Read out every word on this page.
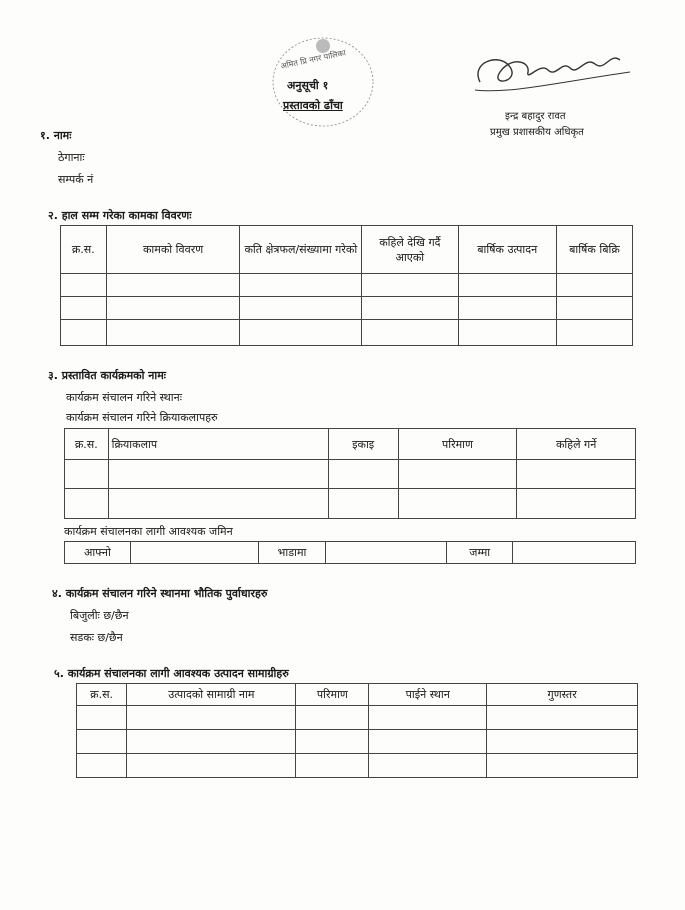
अमित प्रि नगर पालिका
अनुसूची १
प्रस्तावको ढाँचा
इन्द्र बहादुर रावत
प्रमुख प्रशासकीय अधिकृत
१. नामः
ठेगानाः
सम्पर्क नं
२. हाल सम्म गरेका कामका विवरणः
क्र.स.	कामको विवरण	कति क्षेत्रफल/संख्यामा गरेको	कहिले देखि गर्दै आएको	बार्षिक उत्पादन	बार्षिक बिक्रि

३. प्रस्तावित कार्यक्रमको नामः
कार्यक्रम संचालन गरिने स्थानः
कार्यक्रम संचालन गरिने क्रियाकलापहरु
क्र.स.	क्रियाकलाप	इकाइ	परिमाण	कहिले गर्ने

कार्यक्रम संचालनका लागी आवश्यक जमिन
आफ्नो		भाडामा		जम्मा	
४. कार्यक्रम संचालन गरिने स्थानमा भौतिक पुर्वाधारहरु
बिजुलीः छ/छैन
सडकः छ/छैन
५. कार्यक्रम संचालनका लागी आवश्यक उत्पादन सामाग्रीहरु
क्र.स.	उत्पादको सामाग्री नाम	परिमाण	पाईने स्थान	गुणस्तर
